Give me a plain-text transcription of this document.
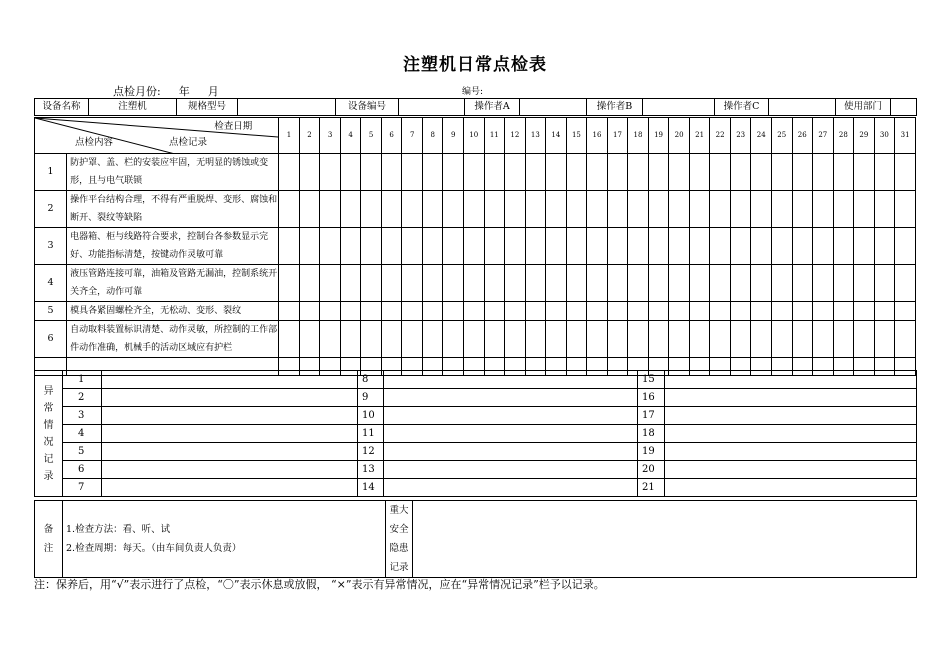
注塑机日常点检表
点检月份: 年 月	编号:
设备名称	注塑机	规格型号		设备编号		操作者A		操作者B		操作者C		使用部门	
检查日期
点检内容 点检记录		1	2	3	4	5	6	7	8	9	10	11	12	13	14	15	16	17	18	19	20	21	22	23	24	25	26	27	28	29	30	31
1	防护罩、盖、栏的安装应牢固，无明显的锈蚀或变形，且与电气联锁																															
2	操作平台结构合理，不得有严重脱焊、变形、腐蚀和断开、裂纹等缺陷																															
3	电器箱、柜与线路符合要求，控制台各参数显示完好、功能指标清楚，按键动作灵敏可靠																															
4	液压管路连接可靠，油箱及管路无漏油，控制系统开关齐全，动作可靠																															
5	模具各紧固螺栓齐全，无松动、变形、裂纹																															
6	自动取料装置标识清楚、动作灵敏，所控制的工作部件动作准确，机械手的活动区域应有护栏																															

异常情况记录	1		8		15	
	2		9		16	
	3		10		17	
	4		11		18	
	5		12		19	
	6		13		20	
	7		14		21	
备注	
1.检查方法：看、听、试
2.检查周期：每天。（由车间负责人负责）
	重大安全隐患记录	
注：保养后，用“√”表示进行了点检，“〇”表示休息或放假， “×”表示有异常情况，应在“异常情况记录”栏予以记录。
